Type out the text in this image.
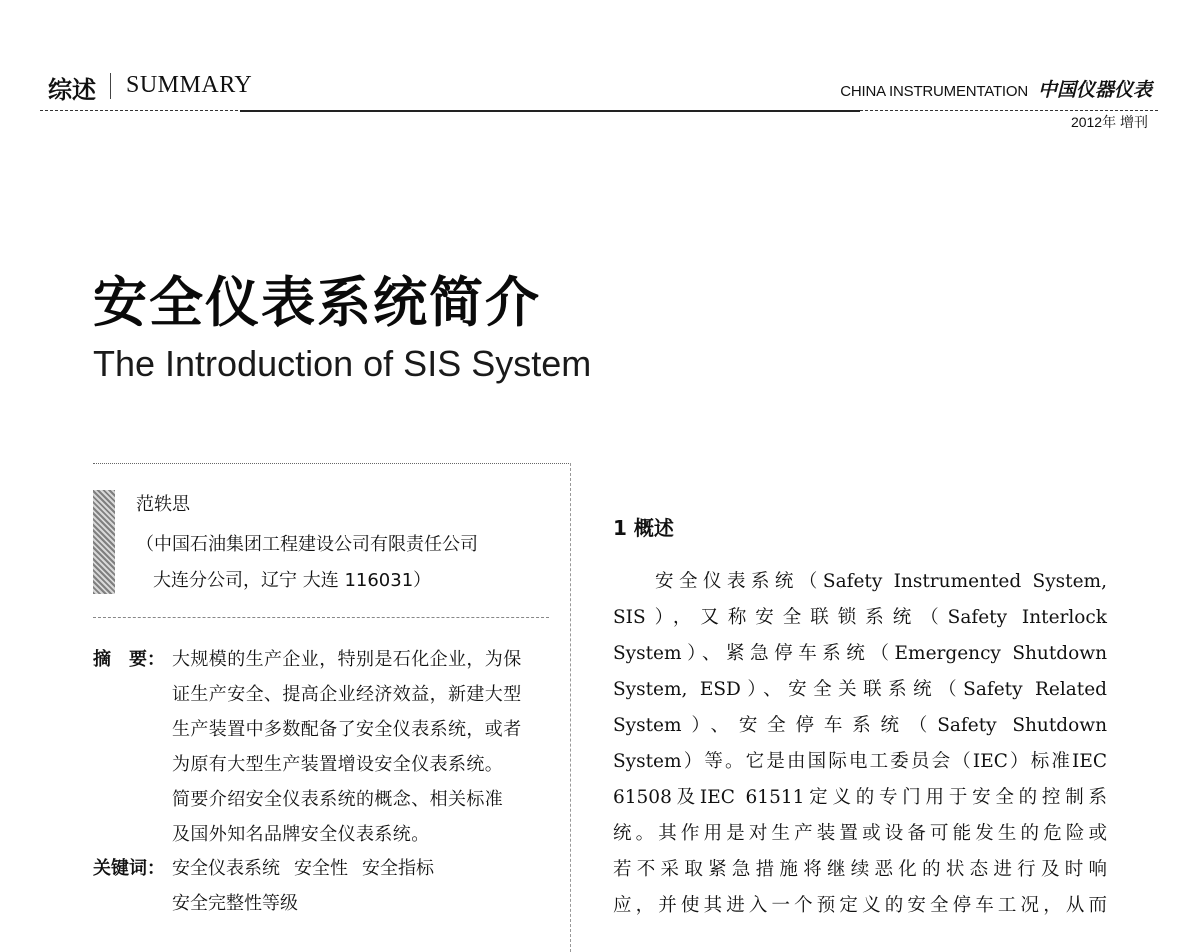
综述 SUMMARY	CHINA INSTRUMENTATION 中国仪器仪表
2012年 增刊
安全仪表系统简介
The Introduction of SIS System
范轶思
（中国石油集团工程建设公司有限责任公司
大连分公司，辽宁 大连 116031）
摘　要： 大规模的生产企业，特别是石化企业，为保
证生产安全、提高企业经济效益，新建大型
生产装置中多数配备了安全仪表系统，或者
为原有大型生产装置增设安全仪表系统。
简要介绍安全仪表系统的概念、相关标准
及国外知名品牌安全仪表系统。
关键词： 安全仪表系统 安全性 安全指标
安全完整性等级
1 概述
安全仪表系统（Safety Instrumented System,
SIS），又称安全联锁系统（Safety Interlock
System）、紧急停车系统（Emergency Shutdown
System, ESD）、安全关联系统（Safety Related
System）、安全停车系统（Safety Shutdown
System）等。它是由国际电工委员会（IEC）标准IEC
61508及IEC 61511定义的专门用于安全的控制系
统。其作用是对生产装置或设备可能发生的危险或
若不采取紧急措施将继续恶化的状态进行及时响
应，并使其进入一个预定义的安全停车工况，从而
